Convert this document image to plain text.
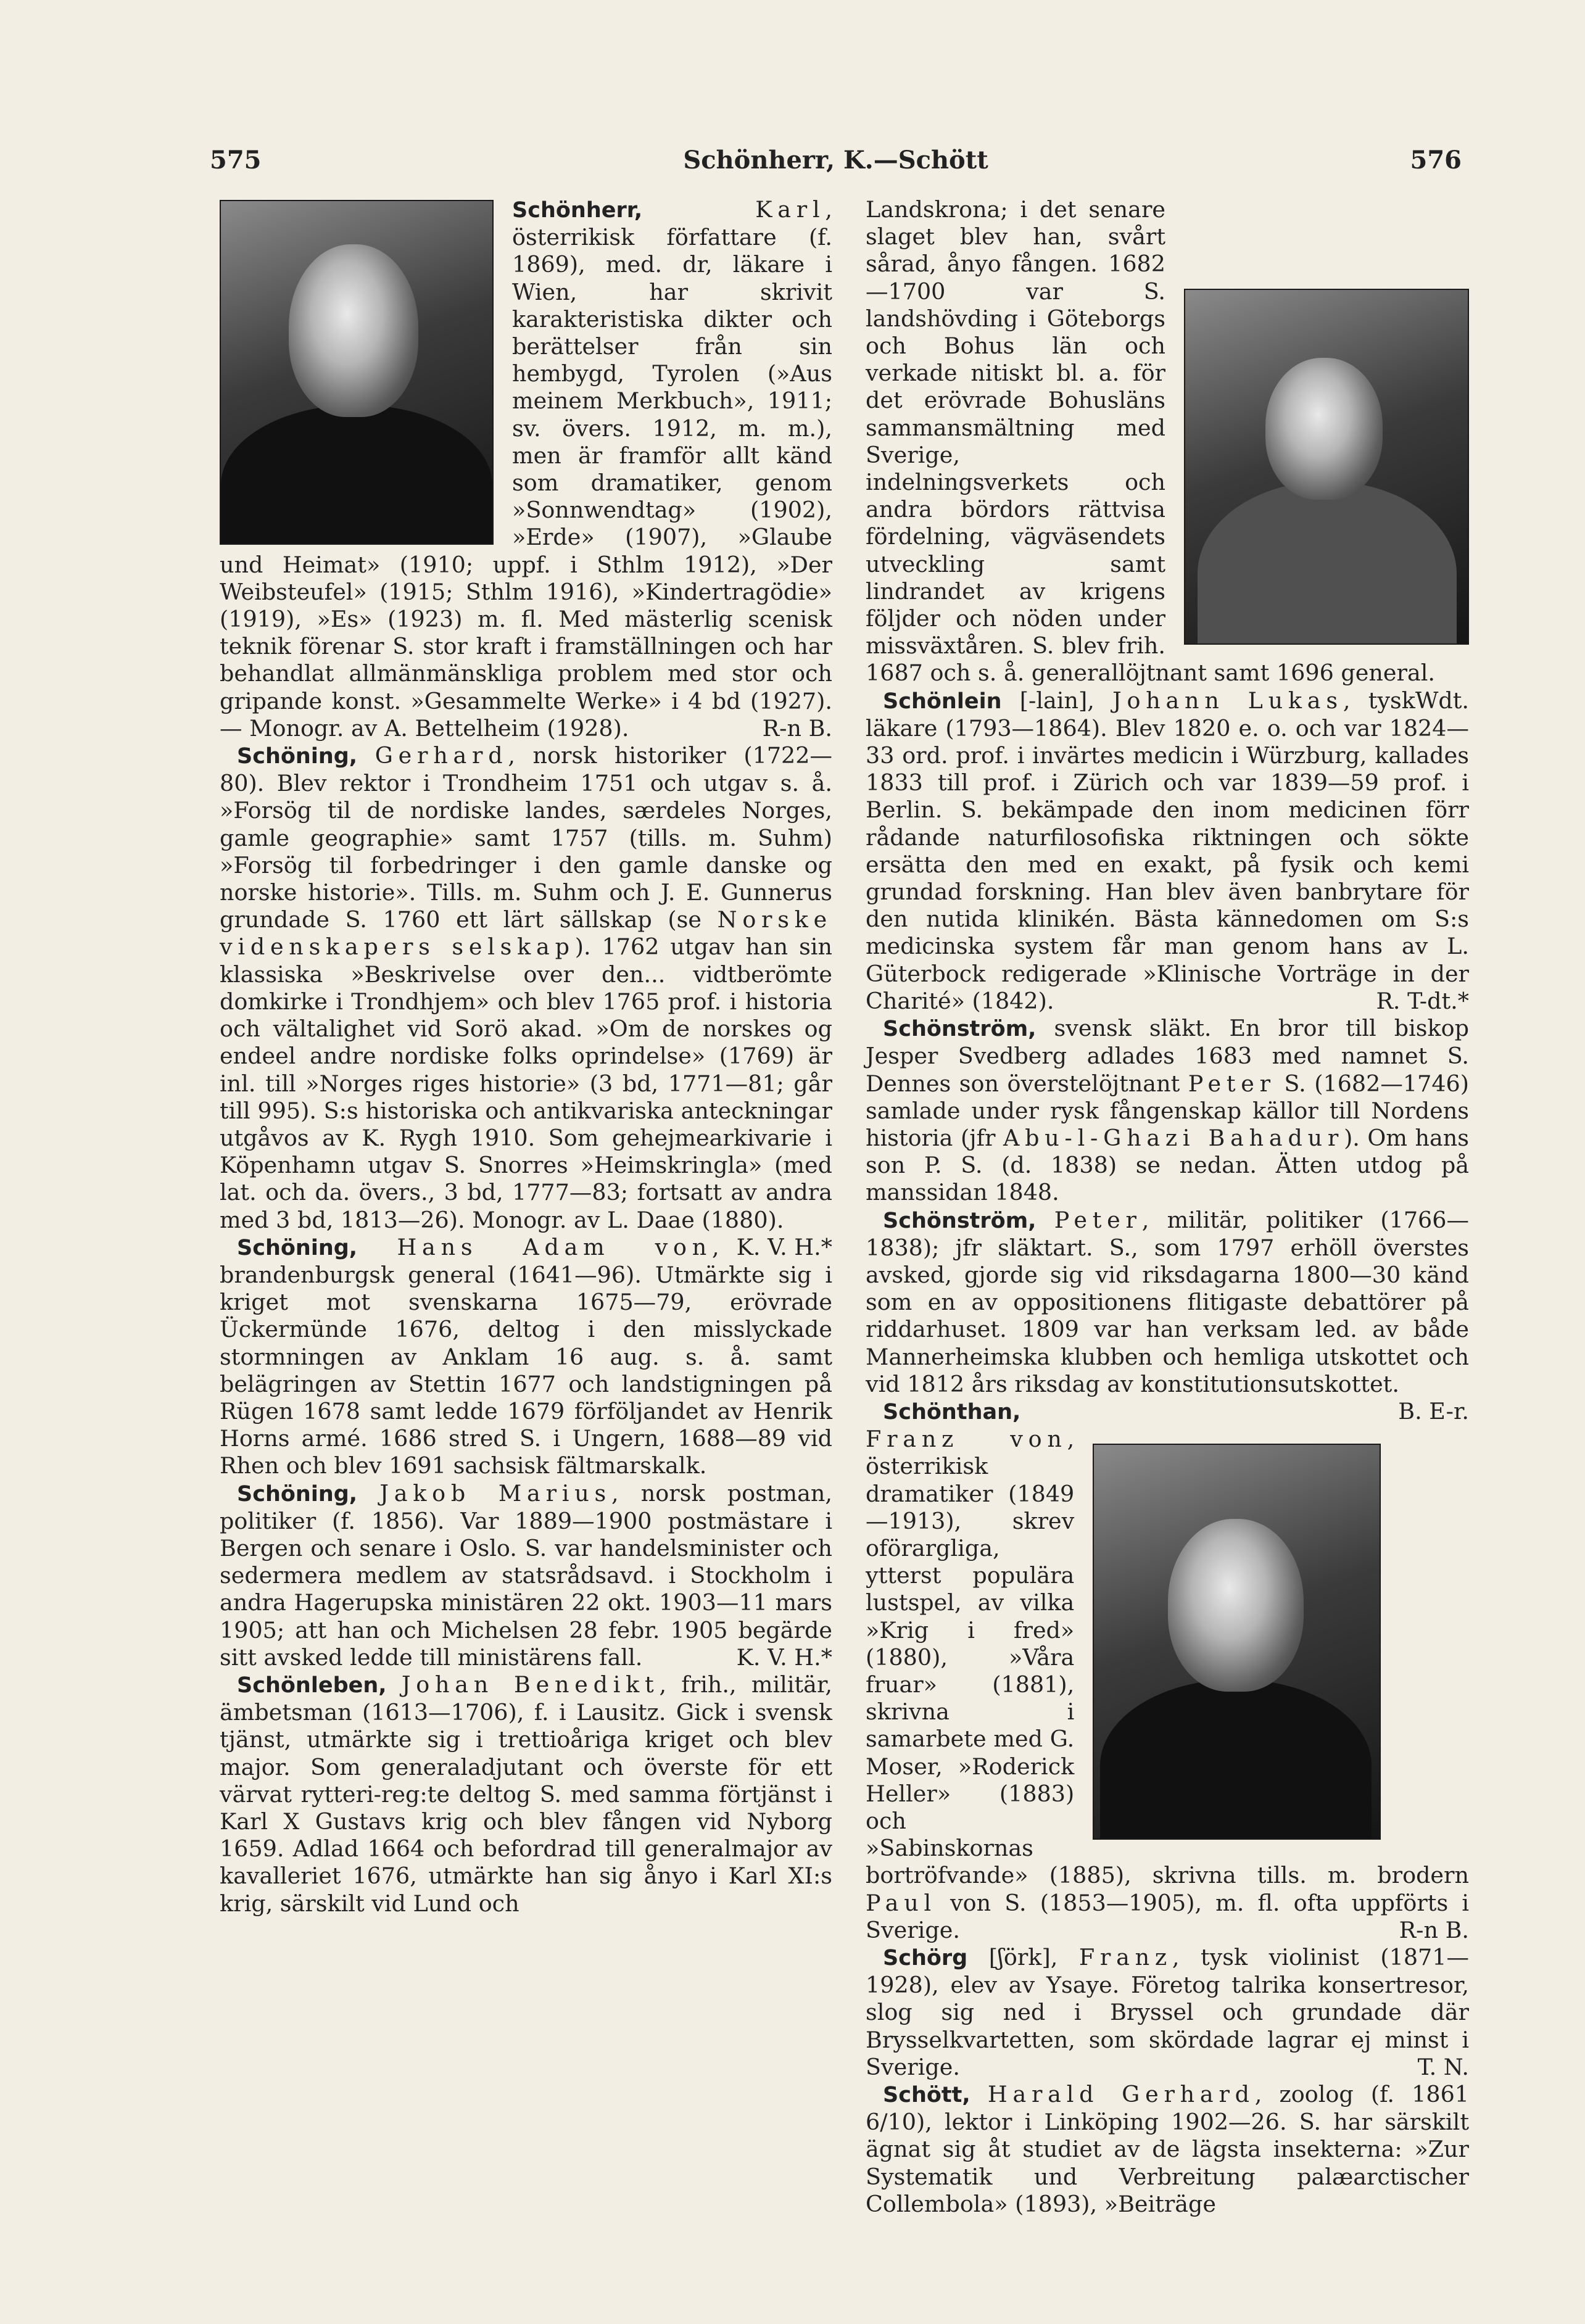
575	Schönherr, K.—Schött	576

Schönherr,	Karl, österrikisk författare (f. 1869), med. dr, läkare i Wien, har skrivit karakteristiska dikter och berättelser från sin hembygd, Tyrolen (»Aus meinem Merkbuch», 1911; sv. övers. 1912, m. m.), men är framför allt känd som dramatiker, genom »Sonnwendtag» (1902), »Erde» (1907), »Glaube und Heimat» (1910; uppf. i Sthlm 1912), »Der Weibsteufel» (1915; Sthlm 1916), »Kindertragödie» (1919), »Es» (1923) m. fl. Med mästerlig scenisk teknik förenar S. stor kraft i framställningen och har behandlat allmänmänskliga problem med stor och gripande konst. »Gesammelte Werke» i 4 bd (1927). — Monogr. av A. Bettelheim (1928).	R-n B.

Schöning, Gerhard, norsk historiker (1722—80). Blev rektor i Trondheim 1751 och utgav s. å. »Forsög til de nordiske landes, særdeles Norges, gamle geographie» samt 1757 (tills. m. Suhm) »Forsög til forbedringer i den gamle danske og norske historie». Tills. m. Suhm och J. E. Gunnerus grundade S. 1760 ett lärt sällskap (se Norske videnskapers selskap). 1762 utgav han sin klassiska »Beskrivelse over den... vidtberömte domkirke i Trondhjem» och blev 1765 prof. i historia och vältalighet vid Sorö akad. »Om de norskes og endeel andre nordiske folks oprindelse» (1769) är inl. till »Norges riges historie» (3 bd, 1771—81; går till 995). S:s historiska och antikvariska anteckningar utgåvos av K. Rygh 1910. Som gehejmearkivarie i Köpenhamn utgav S. Snorres »Heimskringla» (med lat. och da. övers., 3 bd, 1777—83; fortsatt av andra med 3 bd, 1813—26). Monogr. av L. Daae (1880).
K. V. H.*

Schöning, Hans Adam von, brandenburgsk general (1641—96). Utmärkte sig i kriget mot svenskarna 1675—79, erövrade Ückermünde 1676, deltog i den misslyckade stormningen av Anklam 16 aug. s. å. samt belägringen av Stettin 1677 och landstigningen på Rügen 1678 samt ledde 1679 förföljandet av Henrik Horns armé. 1686 stred S. i Ungern, 1688—89 vid Rhen och blev 1691 sachsisk fältmarskalk.

Schöning, Jakob Marius, norsk postman, politiker (f. 1856). Var 1889—1900 postmästare i Bergen och senare i Oslo. S. var handelsminister och sedermera medlem av statsrådsavd. i Stockholm i andra Hagerupska ministären 22 okt. 1903—11 mars 1905; att han och Michelsen 28 febr. 1905 begärde sitt avsked ledde till ministärens fall.	K. V. H.*

Schönleben, Johan Benedikt, frih., militär, ämbetsman (1613—1706), f. i Lausitz. Gick i svensk tjänst, utmärkte sig i trettioåriga kriget och blev major. Som generaladjutant och överste för ett värvat rytteri-reg:te deltog S. med samma förtjänst i Karl X Gustavs krig och blev fången vid Nyborg 1659. Adlad 1664 och befordrad till generalmajor av kavalleriet 1676, utmärkte han sig ånyo i Karl XI:s krig, särskilt vid Lund och

Landskrona; i det senare slaget blev han, svårt sårad, ånyo fången. 1682—1700 var S. landshövding i Göteborgs och Bohus län och verkade nitiskt bl. a. för det erövrade Bohusläns sammansmältning med Sverige, indelningsverkets och andra bördors rättvisa fördelning, vägväsendets utveckling samt lindrandet av krigens följder och nöden under missväxtåren. S. blev frih. 1687 och s. å. generallöjtnant samt 1696 general.
Wdt.

Schönlein [-lain], Johann Lukas, tysk läkare (1793—1864). Blev 1820 e. o. och var 1824—33 ord. prof. i invärtes medicin i Würzburg, kallades 1833 till prof. i Zürich och var 1839—59 prof. i Berlin. S. bekämpade den inom medicinen förr rådande naturfilosofiska riktningen och sökte ersätta den med en exakt, på fysik och kemi grundad forskning. Han blev även banbrytare för den nutida klinikén. Bästa kännedomen om S:s medicinska system får man genom hans av L. Güterbock redigerade »Klinische Vorträge in der Charité» (1842).	R. T-dt.*

Schönström, svensk släkt. En bror till biskop Jesper Svedberg adlades 1683 med namnet S. Dennes son överstelöjtnant Peter S. (1682—1746) samlade under rysk fångenskap källor till Nordens historia (jfr Abu-l-Ghazi Bahadur). Om hans son P. S. (d. 1838) se nedan. Ätten utdog på manssidan 1848.

Schönström, Peter, militär, politiker (1766—1838); jfr släktart. S., som 1797 erhöll överstes avsked, gjorde sig vid riksdagarna 1800—30 känd som en av oppositionens flitigaste debattörer på riddarhuset. 1809 var han verksam led. av både Mannerheimska klubben och hemliga utskottet och vid 1812 års riksdag av konstitutionsutskottet.
B. E-r.

Schönthan, Franz von, österrikisk dramatiker (1849—1913), skrev oförargliga, ytterst populära lustspel, av vilka »Krig i fred» (1880), »Våra fruar» (1881), skrivna i samarbete med G. Moser, »Roderick Heller» (1883) och »Sabinskornas bortröfvande» (1885), skrivna tills. m. brodern Paul von S. (1853—1905), m. fl. ofta uppförts i Sverige.	R-n B.

Schörg [ʃörk], Franz, tysk violinist (1871—1928), elev av Ysaye. Företog talrika konsertresor, slog sig ned i Bryssel och grundade där Brysselkvartetten, som skördade lagrar ej minst i Sverige.	T. N.

Schött, Harald Gerhard, zoolog (f. 1861 6/10), lektor i Linköping 1902—26. S. har särskilt ägnat sig åt studiet av de lägsta insekterna: »Zur Systematik und Verbreitung palæarctischer Collembola» (1893), »Beiträge
